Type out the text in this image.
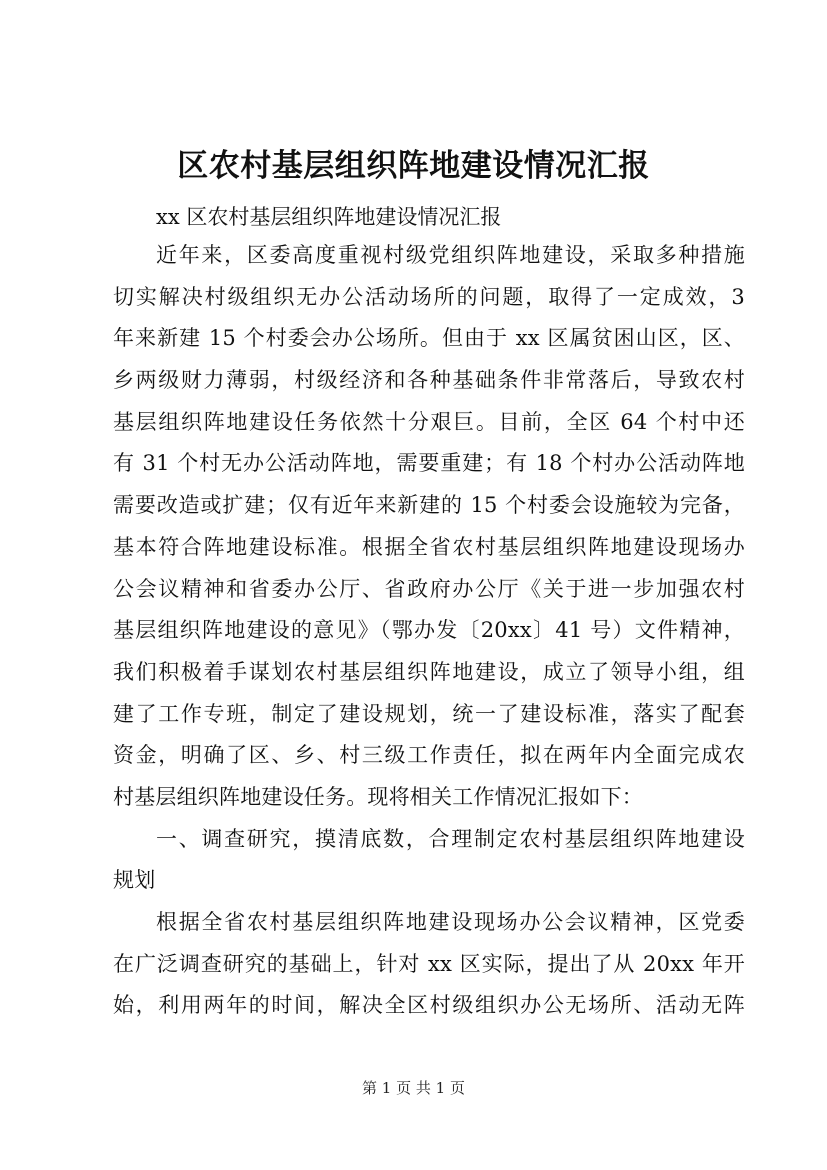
区农村基层组织阵地建设情况汇报
xx 区农村基层组织阵地建设情况汇报
近年来，区委高度重视村级党组织阵地建设，采取多种措施
切实解决村级组织无办公活动场所的问题，取得了一定成效，3
年来新建 15 个村委会办公场所。但由于 xx 区属贫困山区，区、
乡两级财力薄弱，村级经济和各种基础条件非常落后，导致农村
基层组织阵地建设任务依然十分艰巨。目前，全区 64 个村中还
有 31 个村无办公活动阵地，需要重建；有 18 个村办公活动阵地
需要改造或扩建；仅有近年来新建的 15 个村委会设施较为完备，
基本符合阵地建设标准。根据全省农村基层组织阵地建设现场办
公会议精神和省委办公厅、省政府办公厅《关于进一步加强农村
基层组织阵地建设的意见》（鄂办发〔20xx〕41 号）文件精神，
我们积极着手谋划农村基层组织阵地建设，成立了领导小组，组
建了工作专班，制定了建设规划，统一了建设标准，落实了配套
资金，明确了区、乡、村三级工作责任，拟在两年内全面完成农
村基层组织阵地建设任务。现将相关工作情况汇报如下：
一、调查研究，摸清底数，合理制定农村基层组织阵地建设
规划
根据全省农村基层组织阵地建设现场办公会议精神，区党委
在广泛调查研究的基础上，针对 xx 区实际，提出了从 20xx 年开
始，利用两年的时间，解决全区村级组织办公无场所、活动无阵
第 1 页 共 1 页
